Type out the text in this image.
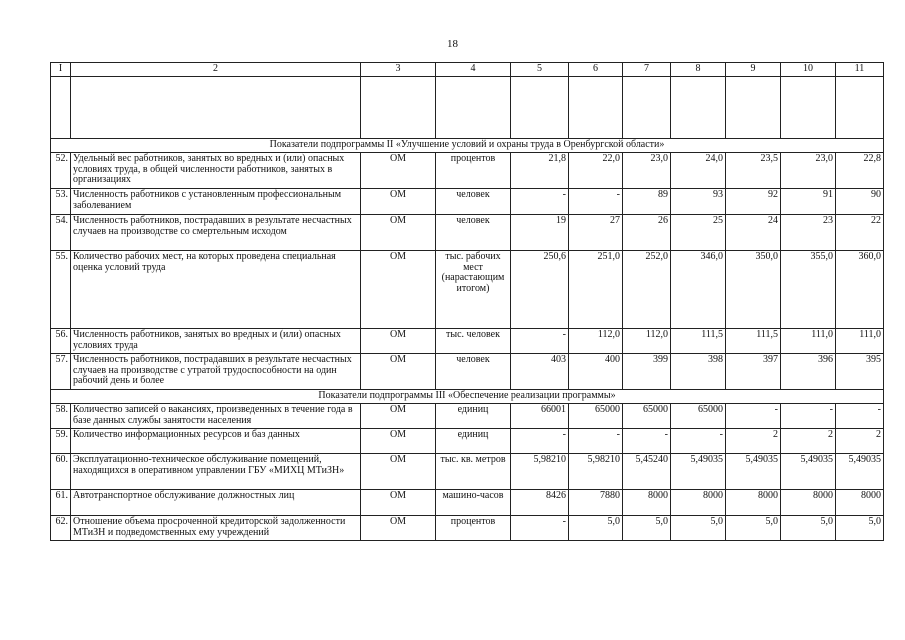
18
I	2	3	4	5	6	7	8	9	10	11

Показатели подпрограммы II «Улучшение условий и охраны труда в Оренбургской области»										
52.	Удельный вес работников, занятых во вредных и (или) опасных условиях труда, в общей численности работников, занятых в организациях	ОМ	процентов	21,8	22,0	23,0	24,0	23,5	23,0	22,8
53.	Численность работников с установленным профессиональным заболеванием	ОМ	человек	-	-	89	93	92	91	90
54.	Численность работников, пострадавших в результате несчастных случаев на производстве со смертельным исходом	ОМ	человек	19	27	26	25	24	23	22
55.	Количество рабочих мест, на которых проведена специальная оценка условий труда	ОМ	тыс. рабочих мест (нарастающим итогом)	250,6	251,0	252,0	346,0	350,0	355,0	360,0
56.	Численность работников, занятых во вредных и (или) опасных условиях труда	ОМ	тыс. человек	-	112,0	112,0	111,5	111,5	111,0	111,0
57.	Численность работников, пострадавших в результате несчастных случаев на производстве с утратой трудоспособности на один рабочий день и более	ОМ	человек	403	400	399	398	397	396	395
Показатели подпрограммы III «Обеспечение реализации программы»										
58.	Количество записей о вакансиях, произведенных в течение года в базе данных службы занятости населения	ОМ	единиц	66001	65000	65000	65000	-	-	-
59.	Количество информационных ресурсов и баз данных	ОМ	единиц	-	-	-	-	2	2	2
60.	Эксплуатационно-техническое обслуживание помещений, находящихся в оперативном управлении ГБУ «МИХЦ МТиЗН»	ОМ	тыс. кв. метров	5,98210	5,98210	5,45240	5,49035	5,49035	5,49035	5,49035
61.	Автотранспортное обслуживание должностных лиц	ОМ	машино-часов	8426	7880	8000	8000	8000	8000	8000
62.	Отношение объема просроченной кредиторской задолженности МТиЗН и подведомственных ему учреждений	ОМ	процентов	-	5,0	5,0	5,0	5,0	5,0	5,0
